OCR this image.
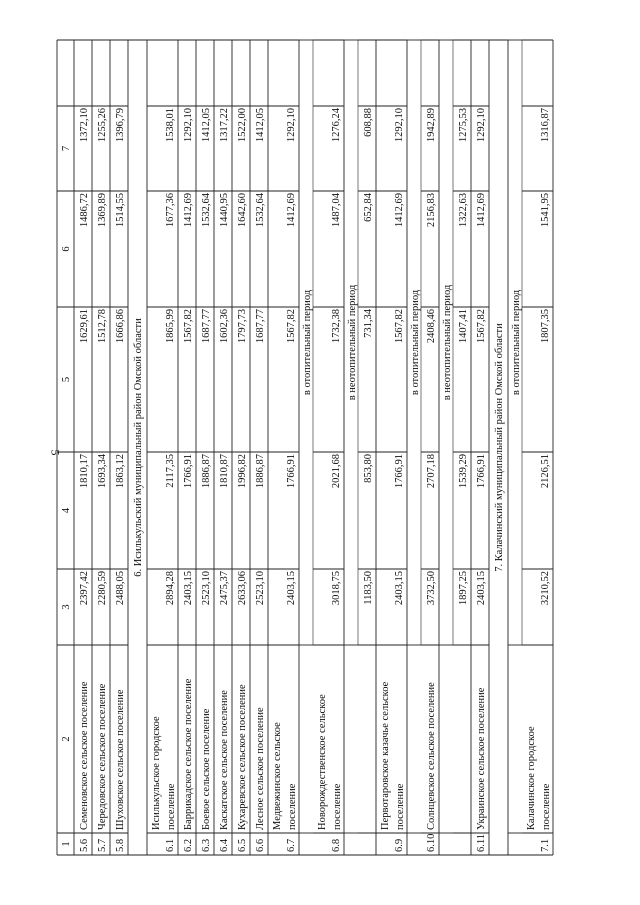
5
1
2
3
4
5
6
7
5.6
Семеновское сельское поселение
2397,42
1810,17
1629,61
1486,72
1372,10
5.7
Чередовское сельское поселение
2280,59
1693,34
1512,78
1369,89
1255,26
5.8
Шуховское сельское поселение
2488,05
1863,12
1666,86
1514,55
1396,79
6. Исилькульский муниципальный район Омской области
6.1
Исилькульское городское поселение
2894,28
2117,35
1865,99
1677,36
1538,01
6.2
Баррикадское сельское поселение
2403,15
1766,91
1567,82
1412,69
1292,10
6.3
Боевое сельское поселение
2523,10
1886,87
1687,77
1532,64
1412,05
6.4
Каскатское сельское поселение
2475,37
1810,87
1602,36
1440,95
1317,22
6.5
Кухаревское сельское поселение
2633,06
1996,82
1797,73
1642,60
1522,00
6.6
Лесное сельское поселение
2523,10
1886,87
1687,77
1532,64
1412,05
6.7
Медвежинское сельское поселение
2403,15
1766,91
1567,82
1412,69
1292,10
в отопительный период
6.8
Новорождественское сельское поселение
3018,75
2021,68
1732,38
1487,04
1276,24
в неотопительный период
1183,50
853,80
731,34
652,84
608,88
6.9
Первотаровское казачье сельское поселение
2403,15
1766,91
1567,82
1412,69
1292,10
в отопительный период
6.10
Солнцевское сельское поселение
3732,50
2707,18
2408,46
2156,83
1942,89
в неотопительный период
1897,25
1539,29
1407,41
1322,63
1275,53
6.11
Украинское сельское поселение
2403,15
1766,91
1567,82
1412,69
1292,10
7. Калачинский муниципальный район Омской области в отопительный период
7.1
Калачинское городское поселение
3210,52
2126,51
1807,35
1541,95
1316,87
